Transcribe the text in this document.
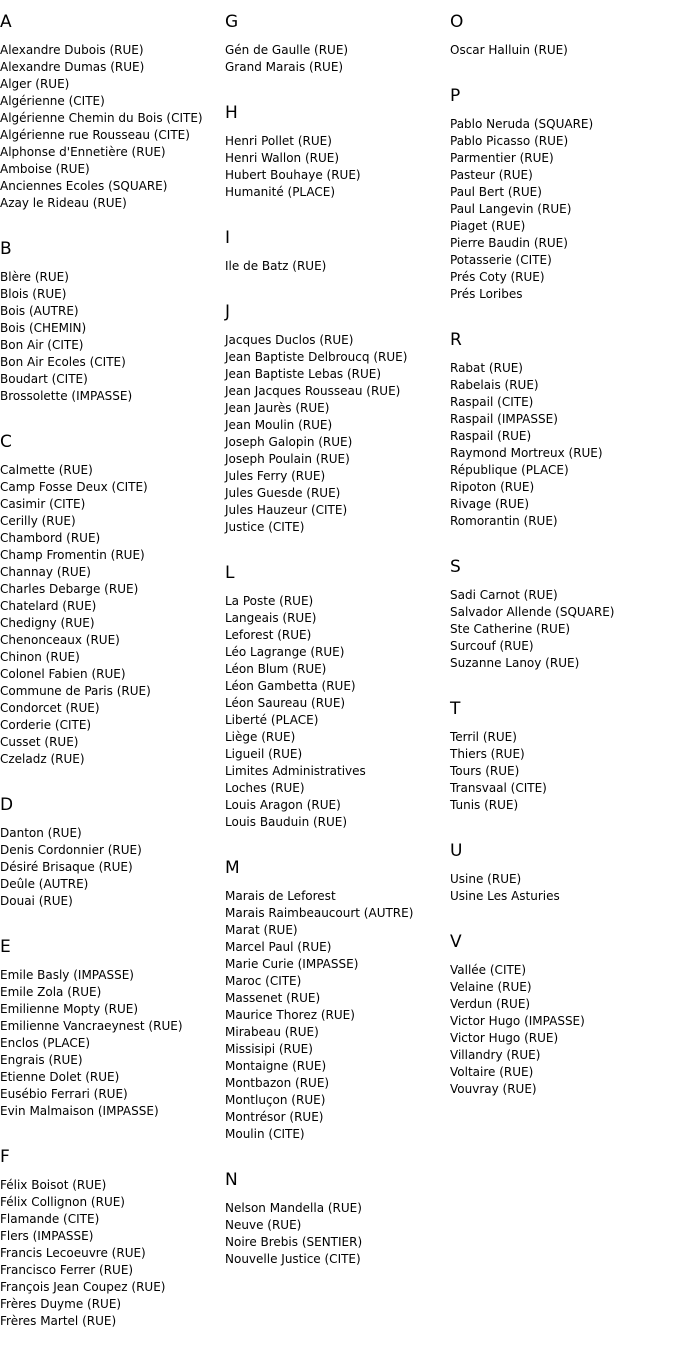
A
Alexandre Dubois (RUE)
Alexandre Dumas (RUE)
Alger (RUE)
Algérienne (CITE)
Algérienne Chemin du Bois (CITE)
Algérienne rue Rousseau (CITE)
Alphonse d'Ennetière (RUE)
Amboise (RUE)
Anciennes Ecoles (SQUARE)
Azay le Rideau (RUE)
B
Blère (RUE)
Blois (RUE)
Bois (AUTRE)
Bois (CHEMIN)
Bon Air (CITE)
Bon Air Ecoles (CITE)
Boudart (CITE)
Brossolette (IMPASSE)
C
Calmette (RUE)
Camp Fosse Deux (CITE)
Casimir (CITE)
Cerilly (RUE)
Chambord (RUE)
Champ Fromentin (RUE)
Channay (RUE)
Charles Debarge (RUE)
Chatelard (RUE)
Chedigny (RUE)
Chenonceaux (RUE)
Chinon (RUE)
Colonel Fabien (RUE)
Commune de Paris (RUE)
Condorcet (RUE)
Corderie (CITE)
Cusset (RUE)
Czeladz (RUE)
D
Danton (RUE)
Denis Cordonnier (RUE)
Désiré Brisaque (RUE)
Deûle (AUTRE)
Douai (RUE)
E
Emile Basly (IMPASSE)
Emile Zola (RUE)
Emilienne Mopty (RUE)
Emilienne Vancraeynest (RUE)
Enclos (PLACE)
Engrais (RUE)
Etienne Dolet (RUE)
Eusébio Ferrari (RUE)
Evin Malmaison (IMPASSE)
F
Félix Boisot (RUE)
Félix Collignon (RUE)
Flamande (CITE)
Flers (IMPASSE)
Francis Lecoeuvre (RUE)
Francisco Ferrer (RUE)
François Jean Coupez (RUE)
Frères Duyme (RUE)
Frères Martel (RUE)
G
Gén de Gaulle (RUE)
Grand Marais (RUE)
H
Henri Pollet (RUE)
Henri Wallon (RUE)
Hubert Bouhaye (RUE)
Humanité (PLACE)
I
Ile de Batz (RUE)
J
Jacques Duclos (RUE)
Jean Baptiste Delbroucq (RUE)
Jean Baptiste Lebas (RUE)
Jean Jacques Rousseau (RUE)
Jean Jaurès (RUE)
Jean Moulin (RUE)
Joseph Galopin (RUE)
Joseph Poulain (RUE)
Jules Ferry (RUE)
Jules Guesde (RUE)
Jules Hauzeur (CITE)
Justice (CITE)
L
La Poste (RUE)
Langeais (RUE)
Leforest (RUE)
Léo Lagrange (RUE)
Léon Blum (RUE)
Léon Gambetta (RUE)
Léon Saureau (RUE)
Liberté (PLACE)
Liège (RUE)
Ligueil (RUE)
Limites Administratives
Loches (RUE)
Louis Aragon (RUE)
Louis Bauduin (RUE)
M
Marais de Leforest
Marais Raimbeaucourt (AUTRE)
Marat (RUE)
Marcel Paul (RUE)
Marie Curie (IMPASSE)
Maroc (CITE)
Massenet (RUE)
Maurice Thorez (RUE)
Mirabeau (RUE)
Missisipi (RUE)
Montaigne (RUE)
Montbazon (RUE)
Montluçon (RUE)
Montrésor (RUE)
Moulin (CITE)
N
Nelson Mandella (RUE)
Neuve (RUE)
Noire Brebis (SENTIER)
Nouvelle Justice (CITE)
O
Oscar Halluin (RUE)
P
Pablo Neruda (SQUARE)
Pablo Picasso (RUE)
Parmentier (RUE)
Pasteur (RUE)
Paul Bert (RUE)
Paul Langevin (RUE)
Piaget (RUE)
Pierre Baudin (RUE)
Potasserie (CITE)
Prés Coty (RUE)
Prés Loribes
R
Rabat (RUE)
Rabelais (RUE)
Raspail (CITE)
Raspail (IMPASSE)
Raspail (RUE)
Raymond Mortreux (RUE)
République (PLACE)
Ripoton (RUE)
Rivage (RUE)
Romorantin (RUE)
S
Sadi Carnot (RUE)
Salvador Allende (SQUARE)
Ste Catherine (RUE)
Surcouf (RUE)
Suzanne Lanoy (RUE)
T
Terril (RUE)
Thiers (RUE)
Tours (RUE)
Transvaal (CITE)
Tunis (RUE)
U
Usine (RUE)
Usine Les Asturies
V
Vallée (CITE)
Velaine (RUE)
Verdun (RUE)
Victor Hugo (IMPASSE)
Victor Hugo (RUE)
Villandry (RUE)
Voltaire (RUE)
Vouvray (RUE)
